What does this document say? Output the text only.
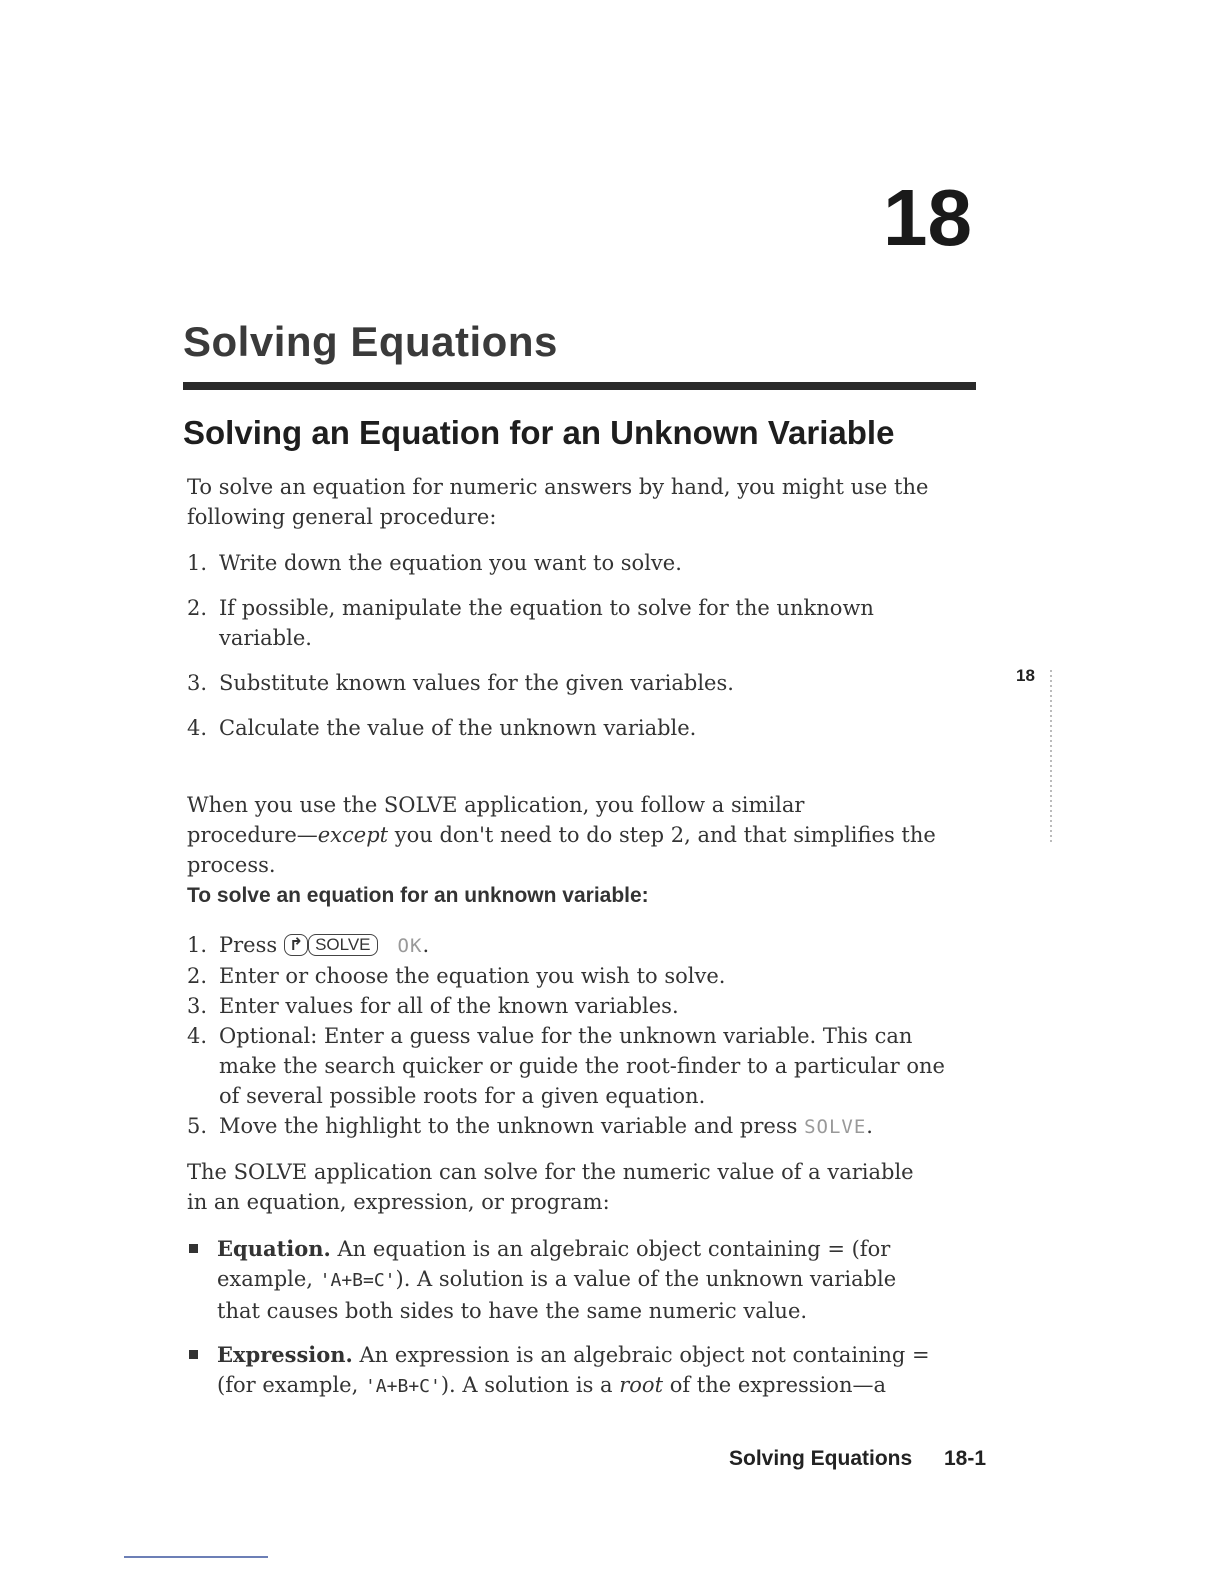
18
Solving Equations
Solving an Equation for an Unknown Variable

To solve an equation for numeric answers by hand, you might use the

following general procedure:

1. Write down the equation you want to solve.
2. If possible, manipulate the equation to solve for the unknown
variable.
3. Substitute known values for the given variables.
4. Calculate the value of the unknown variable.

When you use the SOLVE application, you follow a similar

procedure—except you don't need to do step 2, and that simplifies the

process.

To solve an equation for an unknown variable:
1. Press ↱ SOLVE OK.
2. Enter or choose the equation you wish to solve.
3. Enter values for all of the known variables.
4. Optional: Enter a guess value for the unknown variable. This can
make the search quicker or guide the root-finder to a particular one
of several possible roots for a given equation.
5. Move the highlight to the unknown variable and press SOLVE.

The SOLVE application can solve for the numeric value of a variable

in an equation, expression, or program:

Equation. An equation is an algebraic object containing = (for
example, 'A+B=C'). A solution is a value of the unknown variable
that causes both sides to have the same numeric value.
Expression. An expression is an algebraic object not containing =
(for example, 'A+B+C'). A solution is a root of the expression—a
18
Solving Equations 18-1
